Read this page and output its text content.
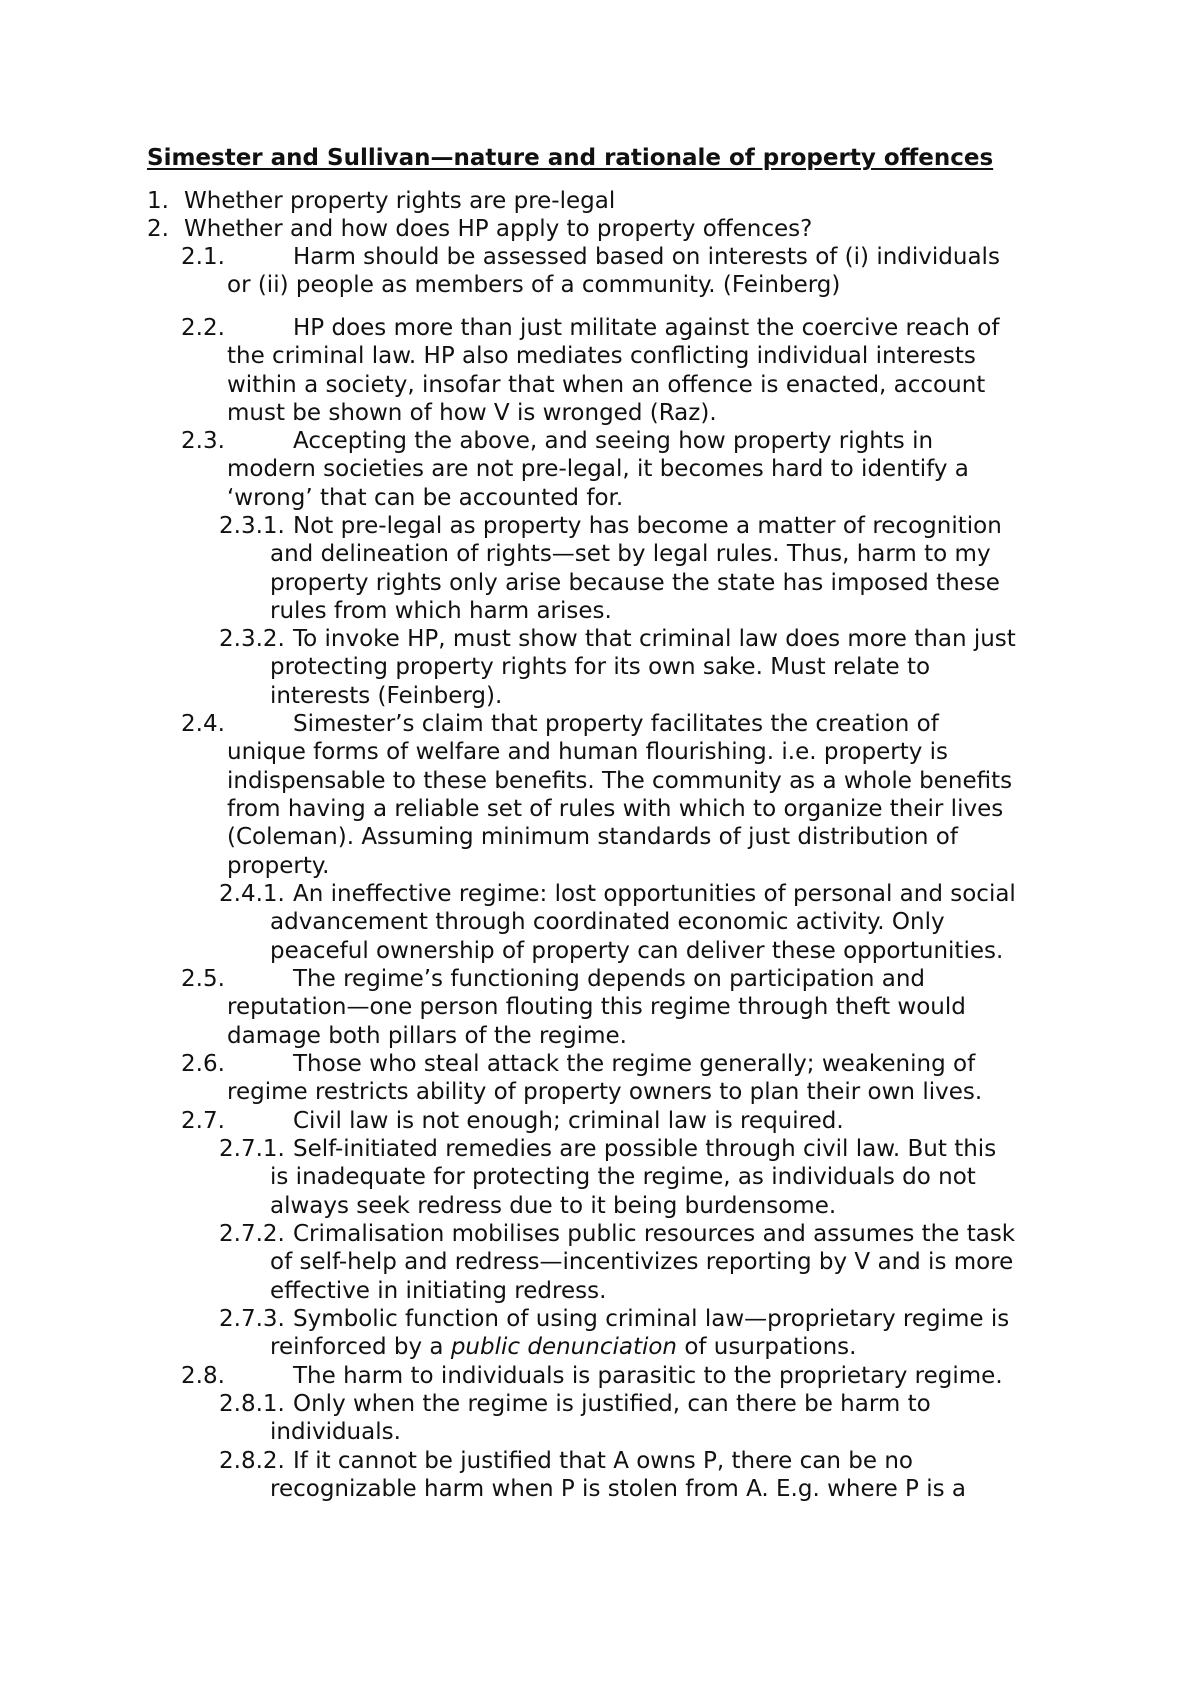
Simester and Sullivan—nature and rationale of property offences
1. Whether property rights are pre-legal
2. Whether and how does HP apply to property offences?
2.1.	Harm should be assessed based on interests of (i) individuals
or (ii) people as members of a community. (Feinberg)
2.2.	HP does more than just militate against the coercive reach of
the criminal law. HP also mediates conflicting individual interests
within a society, insofar that when an offence is enacted, account
must be shown of how V is wronged (Raz).
2.3.	Accepting the above, and seeing how property rights in
modern societies are not pre-legal, it becomes hard to identify a
‘wrong’ that can be accounted for.
2.3.1. Not pre-legal as property has become a matter of recognition
and delineation of rights—set by legal rules. Thus, harm to my
property rights only arise because the state has imposed these
rules from which harm arises.
2.3.2. To invoke HP, must show that criminal law does more than just
protecting property rights for its own sake. Must relate to
interests (Feinberg).
2.4.	Simester’s claim that property facilitates the creation of
unique forms of welfare and human flourishing. i.e. property is
indispensable to these benefits. The community as a whole benefits
from having a reliable set of rules with which to organize their lives
(Coleman). Assuming minimum standards of just distribution of
property.
2.4.1. An ineffective regime: lost opportunities of personal and social
advancement through coordinated economic activity. Only
peaceful ownership of property can deliver these opportunities.
2.5.	The regime’s functioning depends on participation and
reputation—one person flouting this regime through theft would
damage both pillars of the regime.
2.6.	Those who steal attack the regime generally; weakening of
regime restricts ability of property owners to plan their own lives.
2.7.	Civil law is not enough; criminal law is required.
2.7.1. Self-initiated remedies are possible through civil law. But this
is inadequate for protecting the regime, as individuals do not
always seek redress due to it being burdensome.
2.7.2. Crimalisation mobilises public resources and assumes the task
of self-help and redress—incentivizes reporting by V and is more
effective in initiating redress.
2.7.3. Symbolic function of using criminal law—proprietary regime is
reinforced by a public denunciation of usurpations.
2.8.	The harm to individuals is parasitic to the proprietary regime.
2.8.1. Only when the regime is justified, can there be harm to
individuals.
2.8.2. If it cannot be justified that A owns P, there can be no
recognizable harm when P is stolen from A. E.g. where P is a
